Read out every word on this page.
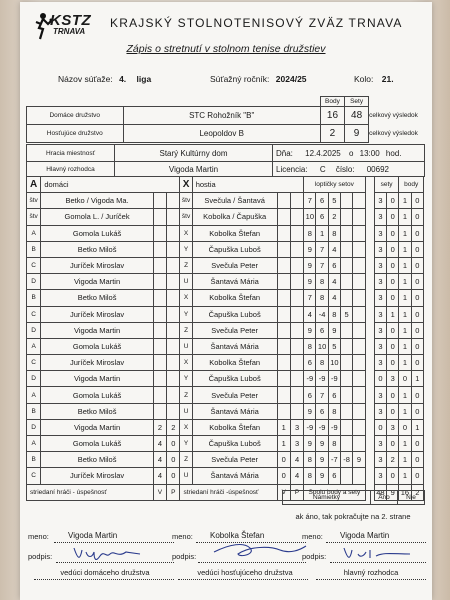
KSTZ
TRNAVA
KRAJSKÝ STOLNOTENISOVÝ ZVÄZ TRNAVA
Zápis o stretnutí v stolnom tenise družstiev
Názov súťaže: 4. liga	Súťažný ročník: 2024/25	Kolo: 21.
		Body	Sety	
Domáce družstvo	STC Rohožník "B"	16	48	celkový výsledok
Hosťujúce družstvo	Leopoldov B	2	9	celkový výsledok
Hracia miestnosť	Starý Kultúrny dom	Dňa: 12.4.2025 o 13:00 hod.
Hlavný rozhodca	Vigoda Martin	Licencia: C číslo: 00692
A	domáci			X	hostia			loptičky setov						sety		body	
štv	Betko / Vigoda Ma.			štv	Svečula / Šantavá			7	6	5				3	0	1	0
štv	Gomola L. / Juríček			štv	Kobolka / Čapuška			10	6	2				3	0	1	0
A	Gomola Lukáš			X	Kobolka Štefan			8	1	8				3	0	1	0
B	Betko Miloš			Y	Čapuška Luboš			9	7	4				3	0	1	0
C	Juríček Miroslav			Z	Svečula Peter			9	7	6				3	0	1	0
D	Vigoda Martin			U	Šantavá Mária			9	8	4				3	0	1	0
B	Betko Miloš			X	Kobolka Štefan			7	8	4				3	0	1	0
C	Juríček Miroslav			Y	Čapuška Luboš			4	-4	8	5			3	1	1	0
D	Vigoda Martin			Z	Svečula Peter			9	6	9				3	0	1	0
A	Gomola Lukáš			U	Šantavá Mária			8	10	5				3	0	1	0
C	Juríček Miroslav			X	Kobolka Štefan			6	8	10				3	0	1	0
D	Vigoda Martin			Y	Čapuška Luboš			-9	-9	-9				0	3	0	1
A	Gomola Lukáš			Z	Svečula Peter			6	7	6				3	0	1	0
B	Betko Miloš			U	Šantavá Mária			9	6	8				3	0	1	0
D	Vigoda Martin	2	2	X	Kobolka Štefan	1	3	-9	-9	-9				0	3	0	1
A	Gomola Lukáš	4	0	Y	Čapuška Luboš	1	3	9	9	8				3	0	1	0
B	Betko Miloš	4	0	Z	Svečula Peter	0	4	8	9	-7	-8	9		3	2	1	0
C	Juríček Miroslav	4	0	U	Šantavá Mária	0	4	8	9	6				3	0	1	0
striedaní hráči - úspešnosť		V	P	striedaní hráči -úspešnosť		V	P	Spolu body a sety						48	9	16	2
Námietky	Áno	Nie
ak áno, tak pokračujte na 2. strane
meno: Vigoda Martin	meno: Kobolka Štefan	meno: Vigoda Martin
podpis:	podpis:	podpis:
vedúci domáceho družstva	vedúci hosťujúceho družstva	hlavný rozhodca
